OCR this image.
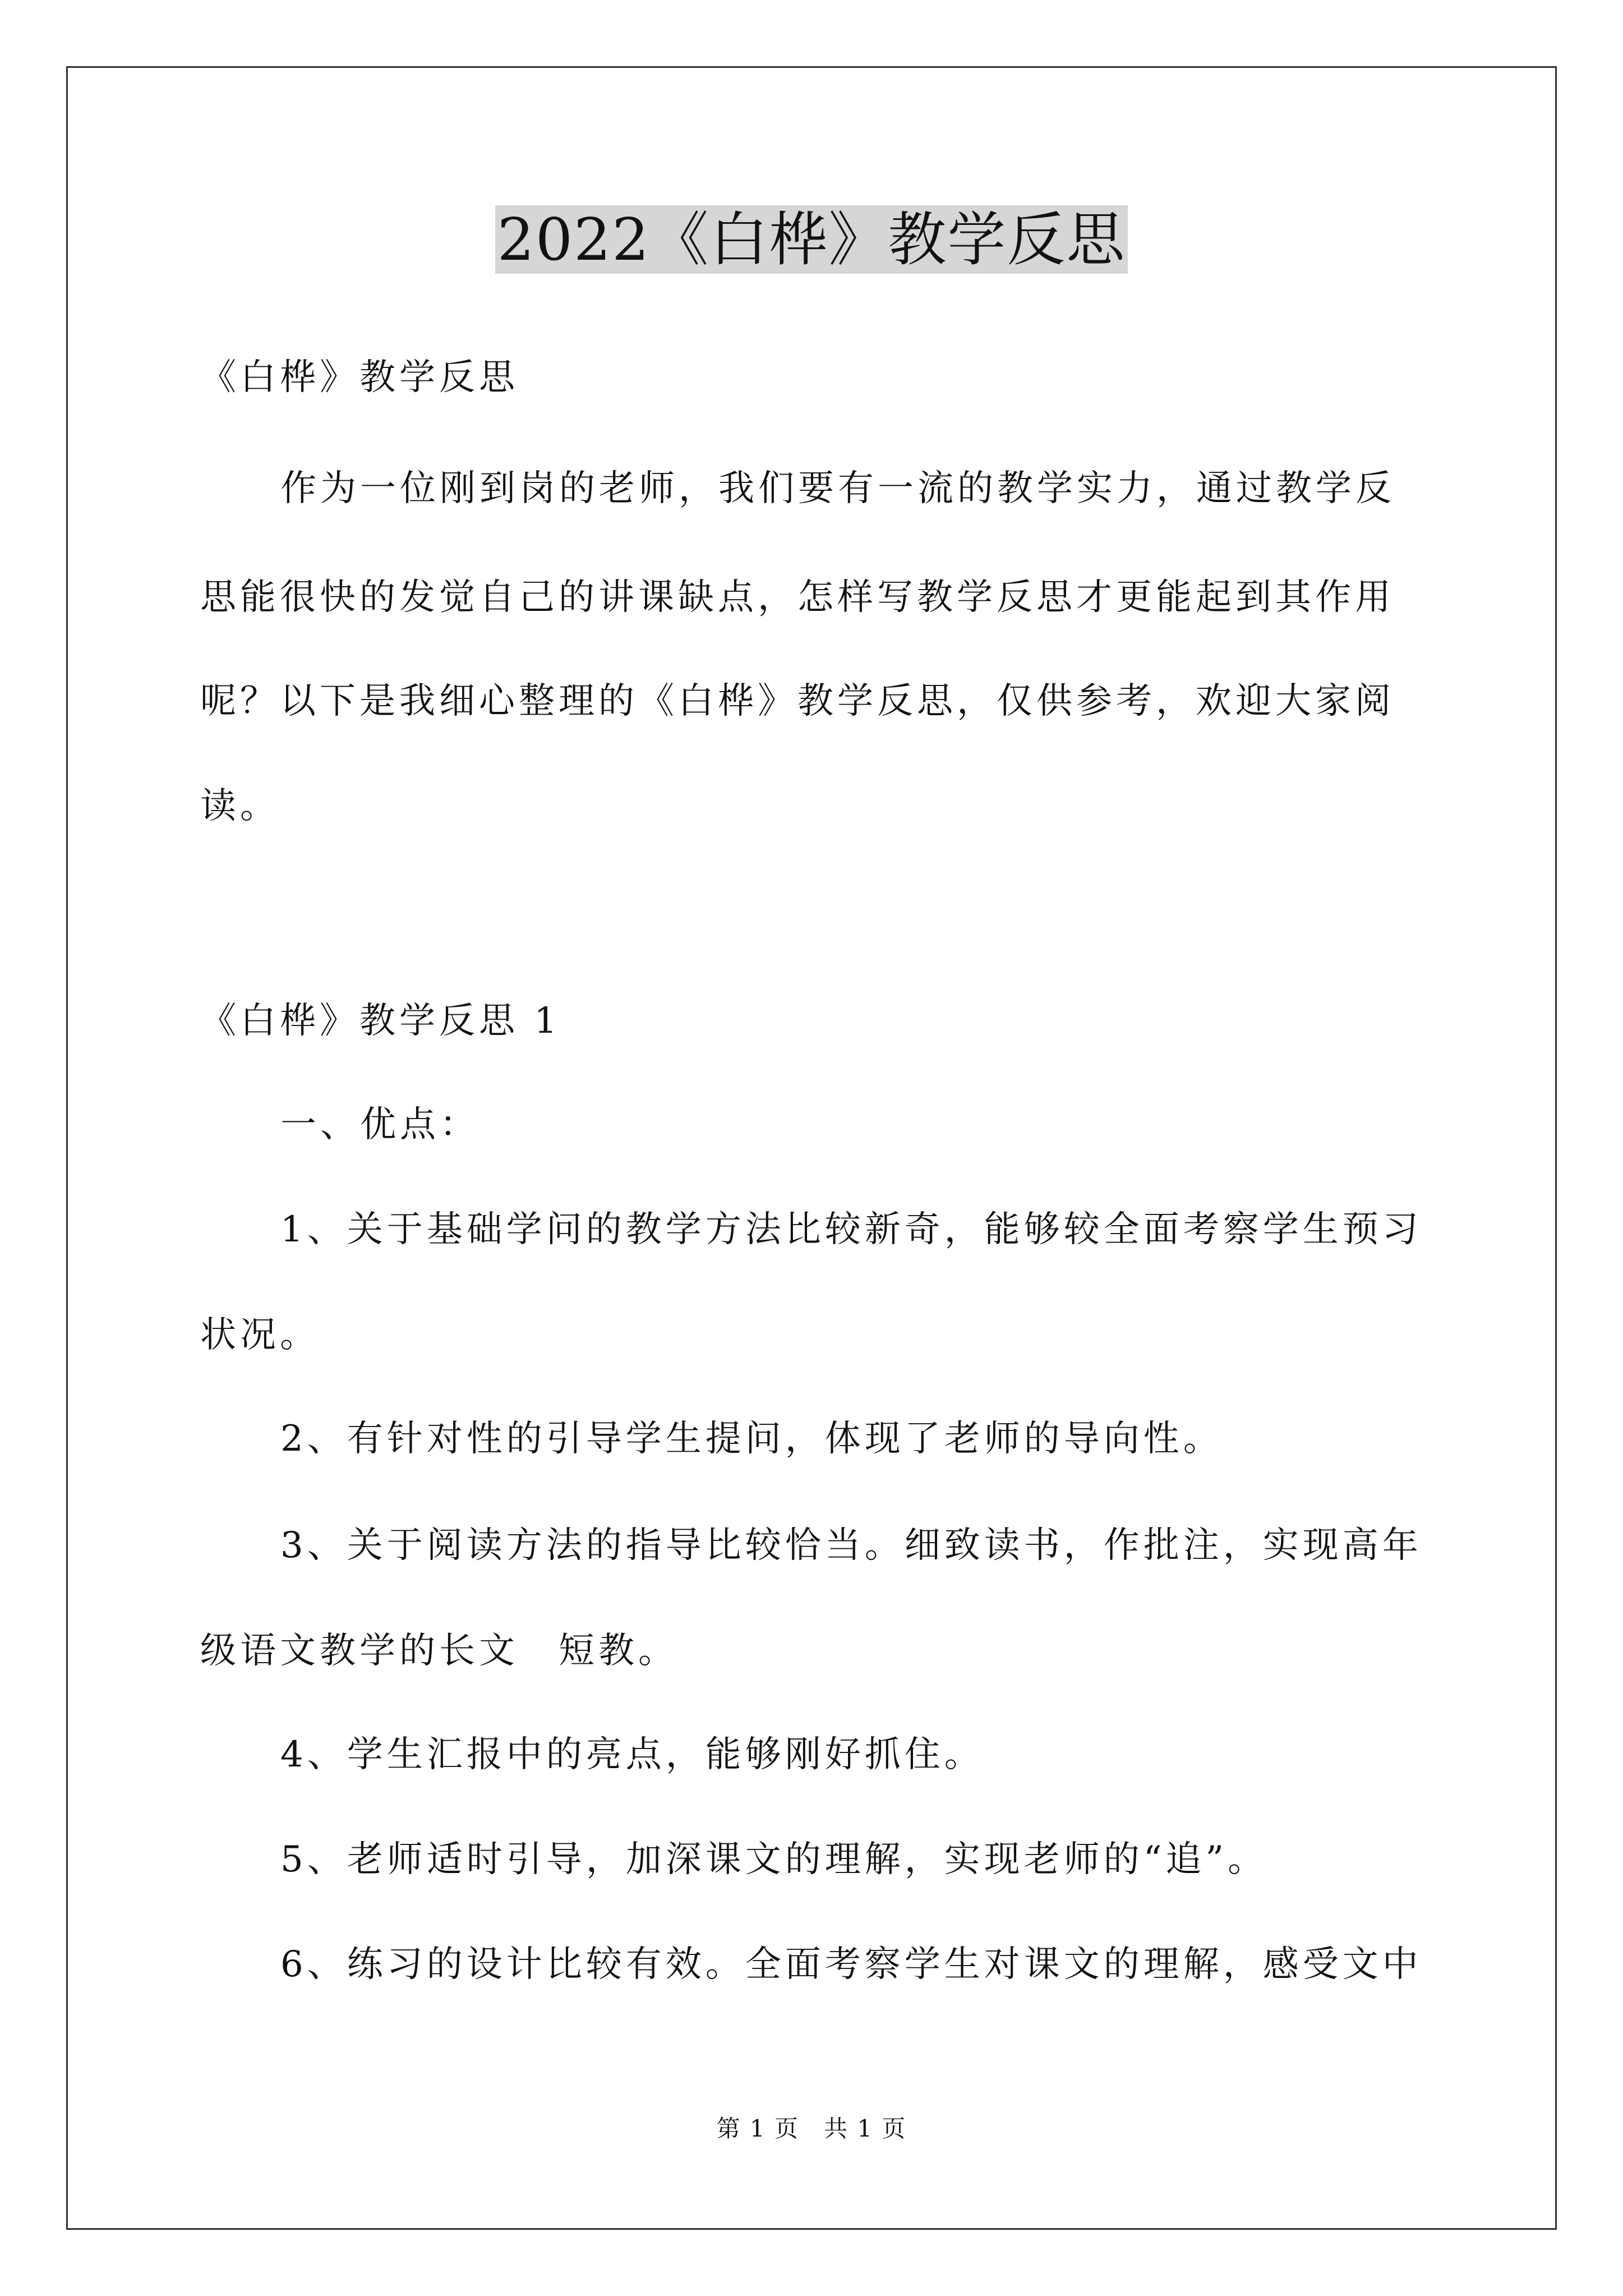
2022《白桦》教学反思
《白桦》教学反思
作为一位刚到岗的老师，我们要有一流的教学实力，通过教学反
思能很快的发觉自己的讲课缺点，怎样写教学反思才更能起到其作用
呢？以下是我细心整理的《白桦》教学反思，仅供参考，欢迎大家阅
读。
《白桦》教学反思 1
一、优点：
1、关于基础学问的教学方法比较新奇，能够较全面考察学生预习
状况。
2、有针对性的引导学生提问，体现了老师的导向性。
3、关于阅读方法的指导比较恰当。细致读书，作批注，实现高年
级语文教学的长文　短教。
4、学生汇报中的亮点，能够刚好抓住。
5、老师适时引导，加深课文的理解，实现老师的“追”。
6、练习的设计比较有效。全面考察学生对课文的理解，感受文中
第 1 页　共 1 页
